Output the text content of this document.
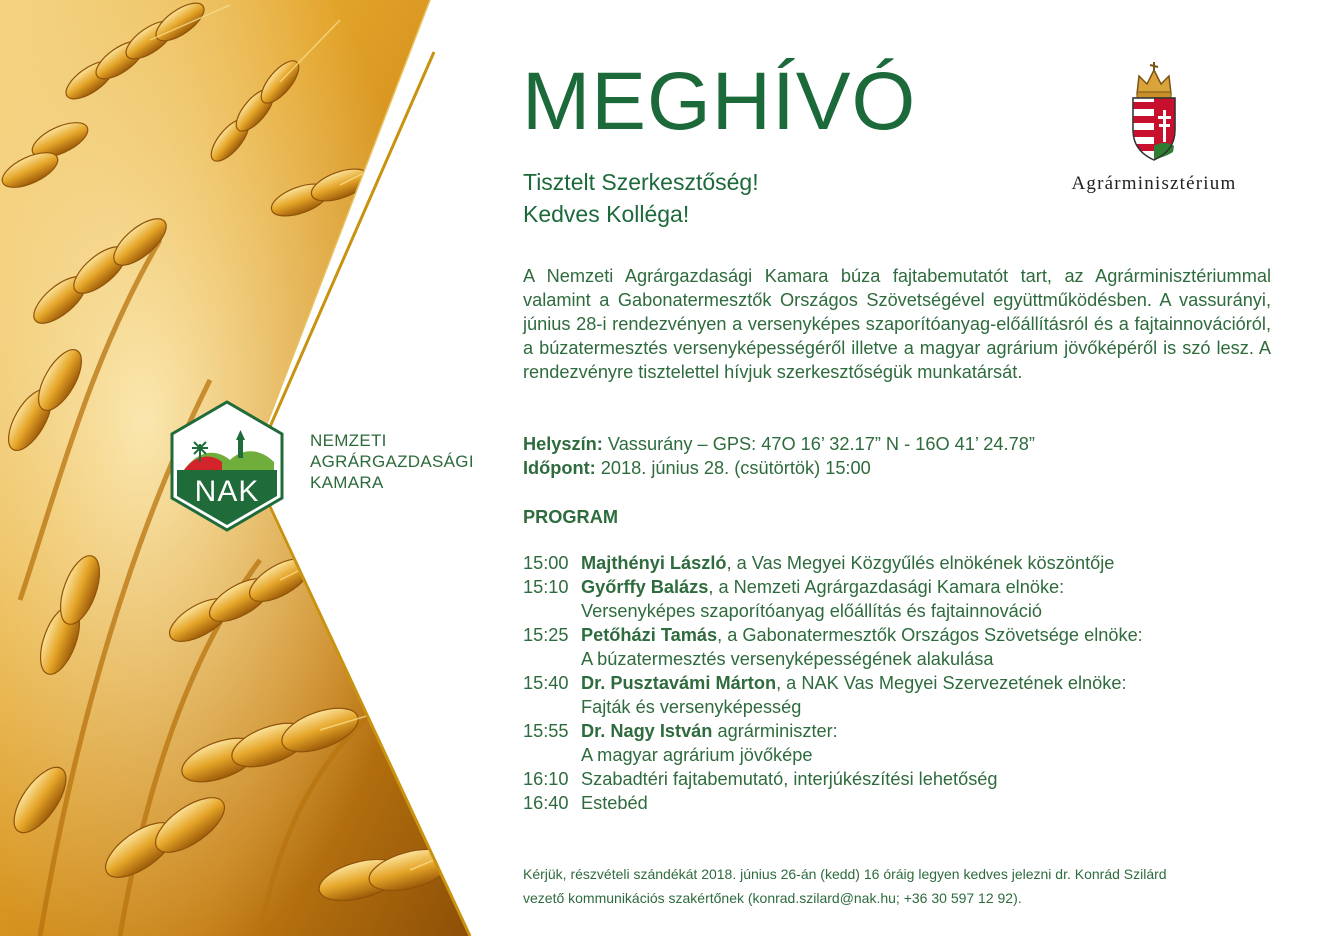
NAK
NEMZETI
AGRÁRGAZDASÁGI
KAMARA
MEGHÍVÓ
Tisztelt Szerkesztőség!
Kedves Kolléga!
Agrárminisztérium
A Nemzeti Agrárgazdasági Kamara búza fajtabemutatót tart, az Agrárminisztériummal valamint a Gabonatermesztők Országos Szövetségével együttműködésben. A vassurányi, június 28-i rendezvényen a versenyképes szaporítóanyag-előállításról és a fajtainnovációról, a búzatermesztés versenyképességéről illetve a magyar agrárium jövőképéről is szó lesz. A rendezvényre tisztelettel hívjuk szerkesztőségük munkatársát.
Helyszín: Vassurány – GPS: 47O 16’ 32.17” N - 16O 41’ 24.78”
Időpont: 2018. június 28. (csütörtök) 15:00
PROGRAM
15:00 Majthényi László, a Vas Megyei Közgyűlés elnökének köszöntője
15:10 Győrffy Balázs, a Nemzeti Agrárgazdasági Kamara elnöke:
Versenyképes szaporítóanyag előállítás és fajtainnováció
15:25 Petőházi Tamás, a Gabonatermesztők Országos Szövetsége elnöke:
A búzatermesztés versenyképességének alakulása
15:40 Dr. Pusztavámi Márton, a NAK Vas Megyei Szervezetének elnöke:
Fajták és versenyképesség
15:55 Dr. Nagy István agrárminiszter:
A magyar agrárium jövőképe
16:10 Szabadtéri fajtabemutató, interjúkészítési lehetőség
16:40 Estebéd
Kérjük, részvételi szándékát 2018. június 26-án (kedd) 16 óráig legyen kedves jelezni dr. Konrád Szilárd
vezető kommunikációs szakértőnek (konrad.szilard@nak.hu; +36 30 597 12 92).
